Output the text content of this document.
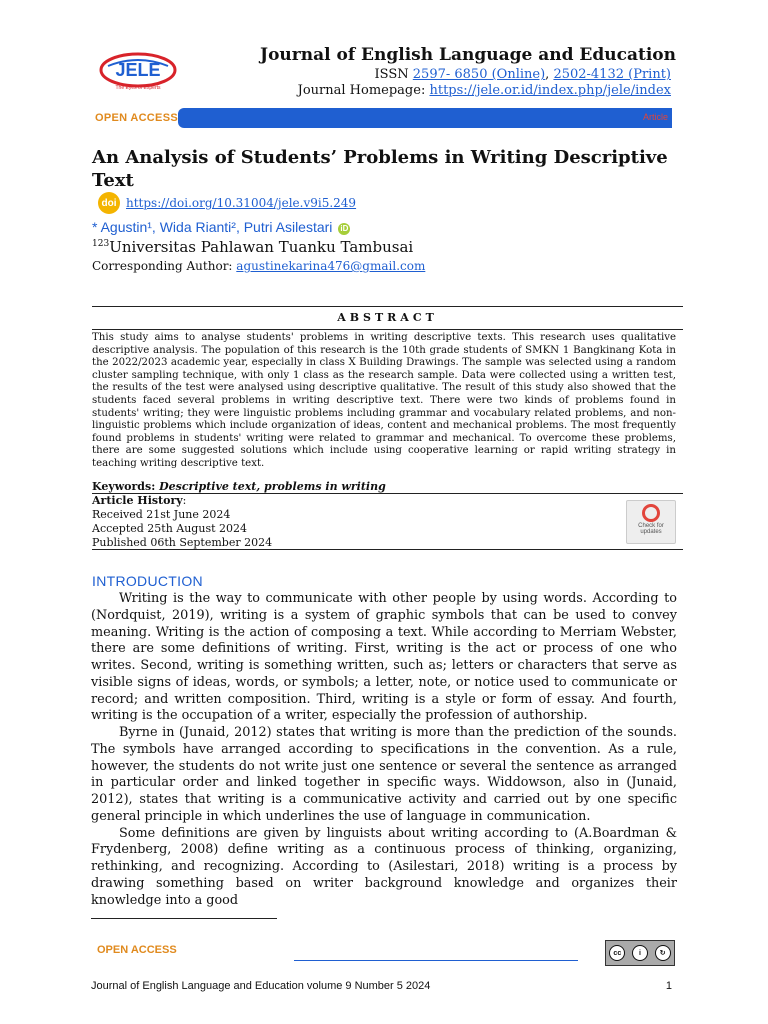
JELE
The Eyes of Experts
Journal of English Language and Education
ISSN 2597- 6850 (Online), 2502-4132 (Print)
Journal Homepage: https://jele.or.id/index.php/jele/index
OPEN ACCESS	Article
An Analysis of Students’ Problems in Writing Descriptive Text
doi https://doi.org/10.31004/jele.v9i5.249
* Agustin¹, Wida Rianti², Putri Asilestari iD
$^{123}$Universitas Pahlawan Tuanku Tambusai
Corresponding Author: agustinekarina476@gmail.com
ABSTRACT
This study aims to analyse students' problems in writing descriptive texts. This research uses qualitative descriptive analysis. The population of this research is the 10th grade students of SMKN 1 Bangkinang Kota in the 2022/2023 academic year, especially in class X Building Drawings. The sample was selected using a random cluster sampling technique, with only 1 class as the research sample. Data were collected using a written test, the results of the test were analysed using descriptive qualitative. The result of this study also showed that the students faced several problems in writing descriptive text. There were two kinds of problems found in students' writing; they were linguistic problems including grammar and vocabulary related problems, and non-linguistic problems which include organization of ideas, content and mechanical problems. The most frequently found problems in students' writing were related to grammar and mechanical. To overcome these problems, there are some suggested solutions which include using cooperative learning or rapid writing strategy in teaching writing descriptive text.
Keywords: Descriptive text, problems in writing
Article History:
Received 21st June 2024
Accepted 25th August 2024
Published 06th September 2024
Check for updates
INTRODUCTION

Writing is the way to communicate with other people by using words. According to (Nordquist, 2019), writing is a system of graphic symbols that can be used to convey meaning. Writing is the action of composing a text. While according to Merriam Webster, there are some definitions of writing. First, writing is the act or process of one who writes. Second, writing is something written, such as; letters or characters that serve as visible signs of ideas, words, or symbols; a letter, note, or notice used to communicate or record; and written composition. Third, writing is a style or form of essay. And fourth, writing is the occupation of a writer, especially the profession of authorship.

Byrne in (Junaid, 2012) states that writing is more than the prediction of the sounds. The symbols have arranged according to specifications in the convention. As a rule, however, the students do not write just one sentence or several the sentence as arranged in particular order and linked together in specific ways. Widdowson, also in (Junaid, 2012), states that writing is a communicative activity and carried out by one specific general principle in which underlines the use of language in communication.

Some definitions are given by linguists about writing according to (A.Boardman & Frydenberg, 2008) define writing as a continuous process of thinking, organizing, rethinking, and recognizing. According to (Asilestari, 2018) writing is a process by drawing something based on writer background knowledge and organizes their knowledge into a good

OPEN ACCESS	cc	i	↻
Journal of English Language and Education volume 9 Number 5 2024	1
